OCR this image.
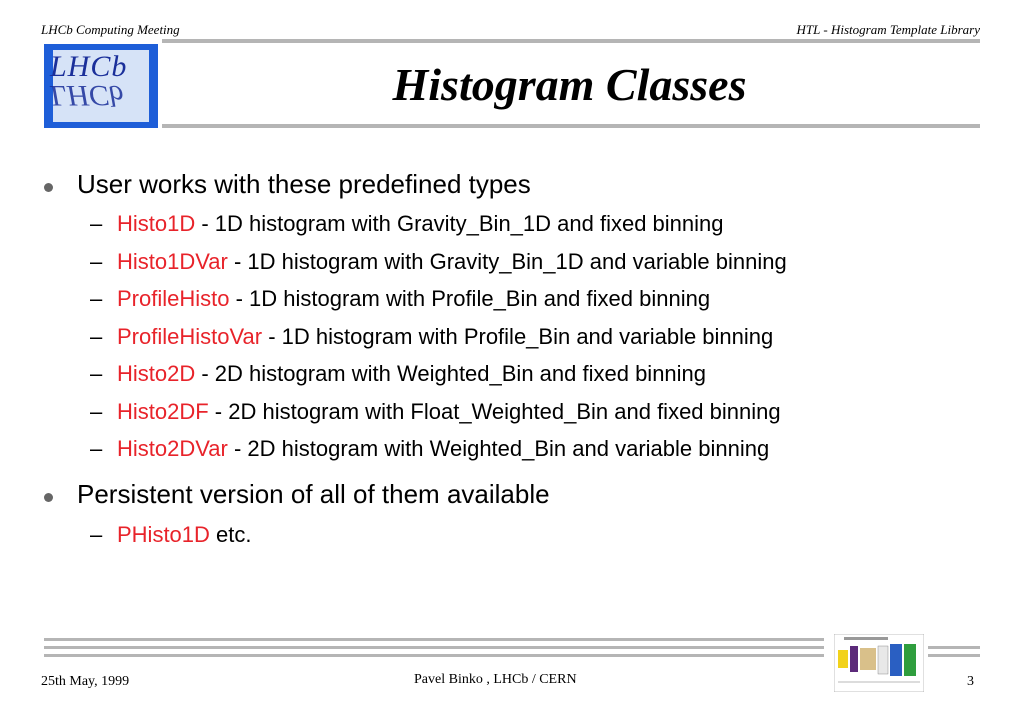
LHCb Computing Meeting	HTL - Histogram Template Library
LHCb
LHCb	Histogram Classes
User works with these predefined types
– Histo1D - 1D histogram with Gravity_Bin_1D and fixed binning
– Histo1DVar - 1D histogram with Gravity_Bin_1D and variable binning
– ProfileHisto - 1D histogram with Profile_Bin and fixed binning
– ProfileHistoVar - 1D histogram with Profile_Bin and variable binning
– Histo2D - 2D histogram with Weighted_Bin and fixed binning
– Histo2DF - 2D histogram with Float_Weighted_Bin and fixed binning
– Histo2DVar - 2D histogram with Weighted_Bin and variable binning
Persistent version of all of them available
– PHisto1D etc.
25th May, 1999	Pavel Binko , LHCb / CERN	3
